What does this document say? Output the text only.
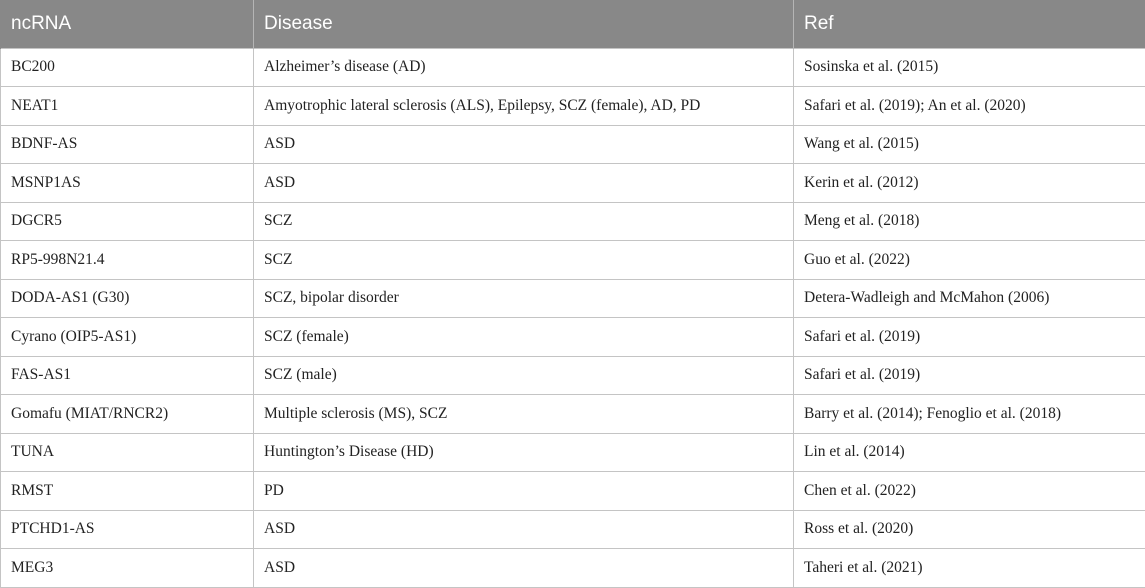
ncRNA	Disease	Ref
BC200	Alzheimer’s disease (AD)	Sosinska et al. (2015)
NEAT1	Amyotrophic lateral sclerosis (ALS), Epilepsy, SCZ (female), AD, PD	Safari et al. (2019); An et al. (2020)
BDNF-AS	ASD	Wang et al. (2015)
MSNP1AS	ASD	Kerin et al. (2012)
DGCR5	SCZ	Meng et al. (2018)
RP5-998N21.4	SCZ	Guo et al. (2022)
DODA-AS1 (G30)	SCZ, bipolar disorder	Detera-Wadleigh and McMahon (2006)
Cyrano (OIP5-AS1)	SCZ (female)	Safari et al. (2019)
FAS-AS1	SCZ (male)	Safari et al. (2019)
Gomafu (MIAT/RNCR2)	Multiple sclerosis (MS), SCZ	Barry et al. (2014); Fenoglio et al. (2018)
TUNA	Huntington’s Disease (HD)	Lin et al. (2014)
RMST	PD	Chen et al. (2022)
PTCHD1-AS	ASD	Ross et al. (2020)
MEG3	ASD	Taheri et al. (2021)
